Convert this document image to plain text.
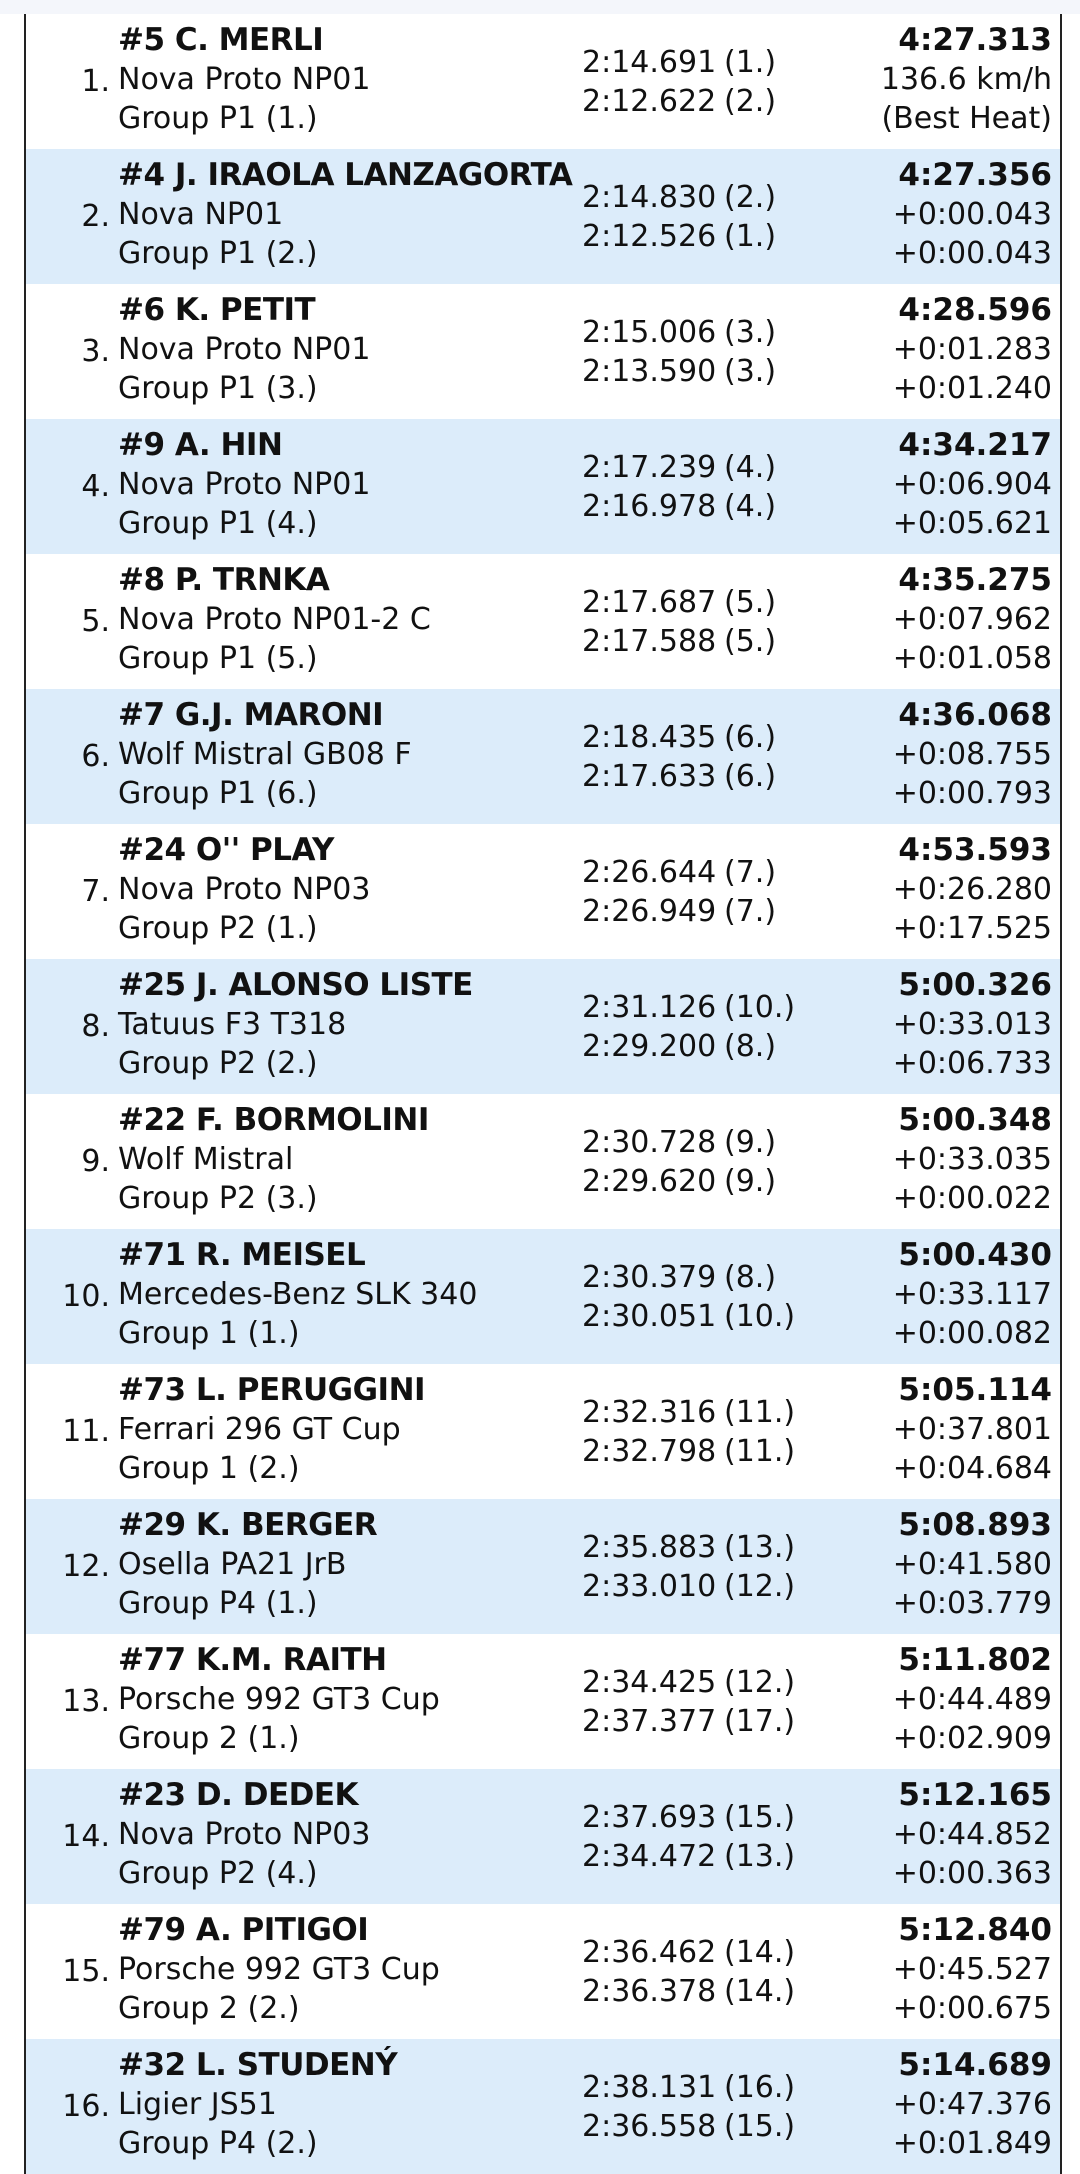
1.
#5 C. MERLI
Nova Proto NP01
Group P1 (1.)
2:14.691 (1.)
2:12.622 (2.)
4:27.313
136.6 km/h
(Best Heat)
2.
#4 J. IRAOLA LANZAGORTA
Nova NP01
Group P1 (2.)
2:14.830 (2.)
2:12.526 (1.)
4:27.356
+0:00.043
+0:00.043
3.
#6 K. PETIT
Nova Proto NP01
Group P1 (3.)
2:15.006 (3.)
2:13.590 (3.)
4:28.596
+0:01.283
+0:01.240
4.
#9 A. HIN
Nova Proto NP01
Group P1 (4.)
2:17.239 (4.)
2:16.978 (4.)
4:34.217
+0:06.904
+0:05.621
5.
#8 P. TRNKA
Nova Proto NP01-2 C
Group P1 (5.)
2:17.687 (5.)
2:17.588 (5.)
4:35.275
+0:07.962
+0:01.058
6.
#7 G.J. MARONI
Wolf Mistral GB08 F
Group P1 (6.)
2:18.435 (6.)
2:17.633 (6.)
4:36.068
+0:08.755
+0:00.793
7.
#24 O'' PLAY
Nova Proto NP03
Group P2 (1.)
2:26.644 (7.)
2:26.949 (7.)
4:53.593
+0:26.280
+0:17.525
8.
#25 J. ALONSO LISTE
Tatuus F3 T318
Group P2 (2.)
2:31.126 (10.)
2:29.200 (8.)
5:00.326
+0:33.013
+0:06.733
9.
#22 F. BORMOLINI
Wolf Mistral
Group P2 (3.)
2:30.728 (9.)
2:29.620 (9.)
5:00.348
+0:33.035
+0:00.022
10.
#71 R. MEISEL
Mercedes-Benz SLK 340
Group 1 (1.)
2:30.379 (8.)
2:30.051 (10.)
5:00.430
+0:33.117
+0:00.082
11.
#73 L. PERUGGINI
Ferrari 296 GT Cup
Group 1 (2.)
2:32.316 (11.)
2:32.798 (11.)
5:05.114
+0:37.801
+0:04.684
12.
#29 K. BERGER
Osella PA21 JrB
Group P4 (1.)
2:35.883 (13.)
2:33.010 (12.)
5:08.893
+0:41.580
+0:03.779
13.
#77 K.M. RAITH
Porsche 992 GT3 Cup
Group 2 (1.)
2:34.425 (12.)
2:37.377 (17.)
5:11.802
+0:44.489
+0:02.909
14.
#23 D. DEDEK
Nova Proto NP03
Group P2 (4.)
2:37.693 (15.)
2:34.472 (13.)
5:12.165
+0:44.852
+0:00.363
15.
#79 A. PITIGOI
Porsche 992 GT3 Cup
Group 2 (2.)
2:36.462 (14.)
2:36.378 (14.)
5:12.840
+0:45.527
+0:00.675
16.
#32 L. STUDENÝ
Ligier JS51
Group P4 (2.)
2:38.131 (16.)
2:36.558 (15.)
5:14.689
+0:47.376
+0:01.849
